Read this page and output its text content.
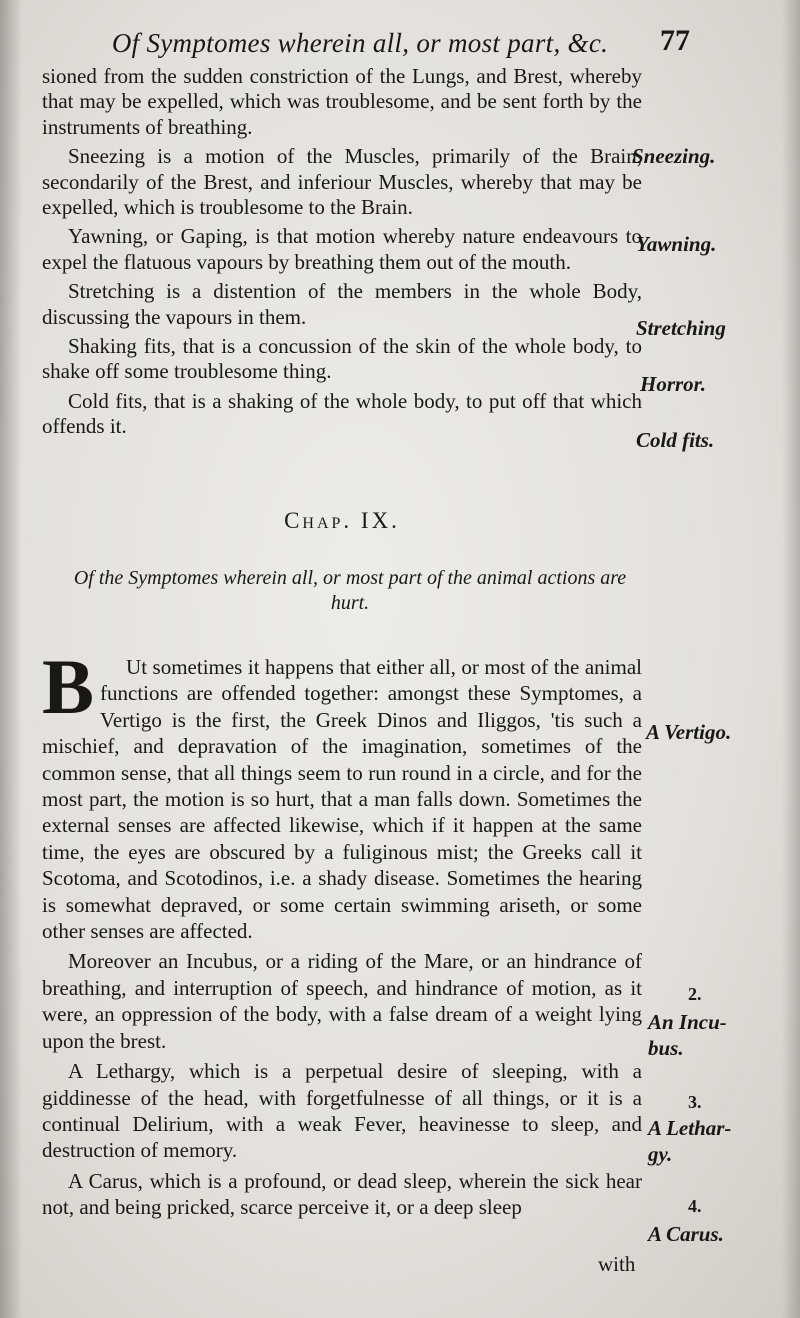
Of Symptomes wherein all, or most part, &c.	77

sioned from the sudden constriction of the Lungs, and Brest, whereby that may be expelled, which was troublesome, and be sent forth by the instruments of breathing.

Sneezing is a motion of the Muscles, primarily of the Brain, secondarily of the Brest, and inferiour Muscles, whereby that may be expelled, which is troublesome to the Brain.

Yawning, or Gaping, is that motion whereby nature endeavours to expel the flatuous vapours by breathing them out of the mouth.

Stretching is a distention of the members in the whole Body, discussing the vapours in them.

Shaking fits, that is a concussion of the skin of the whole body, to shake off some troublesome thing.

Cold fits, that is a shaking of the whole body, to put off that which offends it.

Chap. IX.
Of the Symptomes wherein all, or most part of the animal actions are hurt.

B Ut sometimes it happens that either all, or most of the animal functions are offended together: amongst these Symptomes, a Vertigo is the first, the Greek Dinos and Iliggos, 'tis such a mischief, and depravation of the imagination, sometimes of the common sense, that all things seem to run round in a circle, and for the most part, the motion is so hurt, that a man falls down. Sometimes the external senses are affected likewise, which if it happen at the same time, the eyes are obscured by a fuliginous mist; the Greeks call it Scotoma, and Scotodinos, i.e. a shady disease. Sometimes the hearing is somewhat depraved, or some certain swimming ariseth, or some other senses are affected.

Moreover an Incubus, or a riding of the Mare, or an hindrance of breathing, and interruption of speech, and hindrance of motion, as it were, an oppression of the body, with a false dream of a weight lying upon the brest.

A Lethargy, which is a perpetual desire of sleeping, with a giddinesse of the head, with forgetfulnesse of all things, or it is a continual Delirium, with a weak Fever, heavinesse to sleep, and destruction of memory.

A Carus, which is a profound, or dead sleep, wherein the sick hear not, and being pricked, scarce perceive it, or a deep sleep

Sneezing.
Yawning.
Stretching
Horror.
Cold fits.
A Vertigo.
2.
An Incu-
bus.
3.
A Lethar-
gy.
4.
A Carus.
with
